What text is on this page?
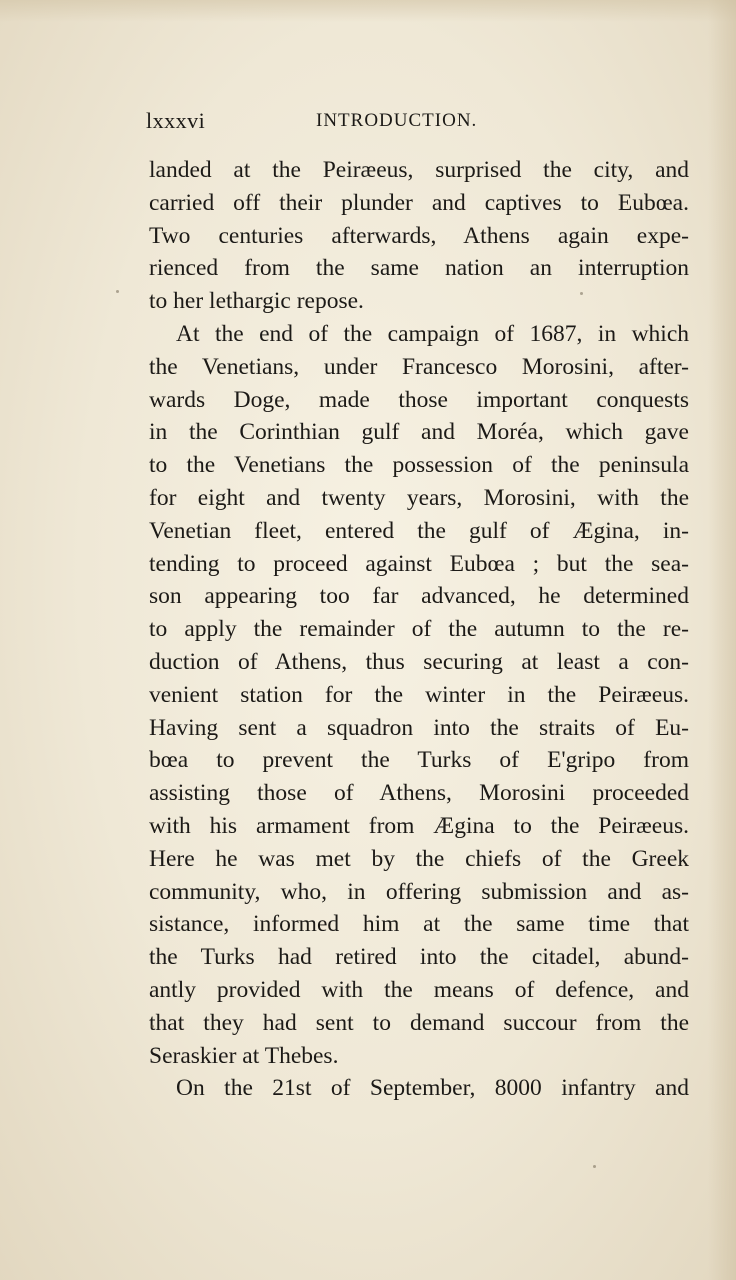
lxxxvi	INTRODUCTION.
landed at the Peiræeus, surprised the city, and
carried off their plunder and captives to Eubœa.
Two centuries afterwards, Athens again expe-
rienced from the same nation an interruption
to her lethargic repose.
At the end of the campaign of 1687, in which
the Venetians, under Francesco Morosini, after-
wards Doge, made those important conquests
in the Corinthian gulf and Moréa, which gave
to the Venetians the possession of the peninsula
for eight and twenty years, Morosini, with the
Venetian fleet, entered the gulf of Ægina, in-
tending to proceed against Eubœa ; but the sea-
son appearing too far advanced, he determined
to apply the remainder of the autumn to the re-
duction of Athens, thus securing at least a con-
venient station for the winter in the Peiræeus.
Having sent a squadron into the straits of Eu-
bœa to prevent the Turks of E'gripo from
assisting those of Athens, Morosini proceeded
with his armament from Ægina to the Peiræeus.
Here he was met by the chiefs of the Greek
community, who, in offering submission and as-
sistance, informed him at the same time that
the Turks had retired into the citadel, abund-
antly provided with the means of defence, and
that they had sent to demand succour from the
Seraskier at Thebes.
On the 21st of September, 8000 infantry and
